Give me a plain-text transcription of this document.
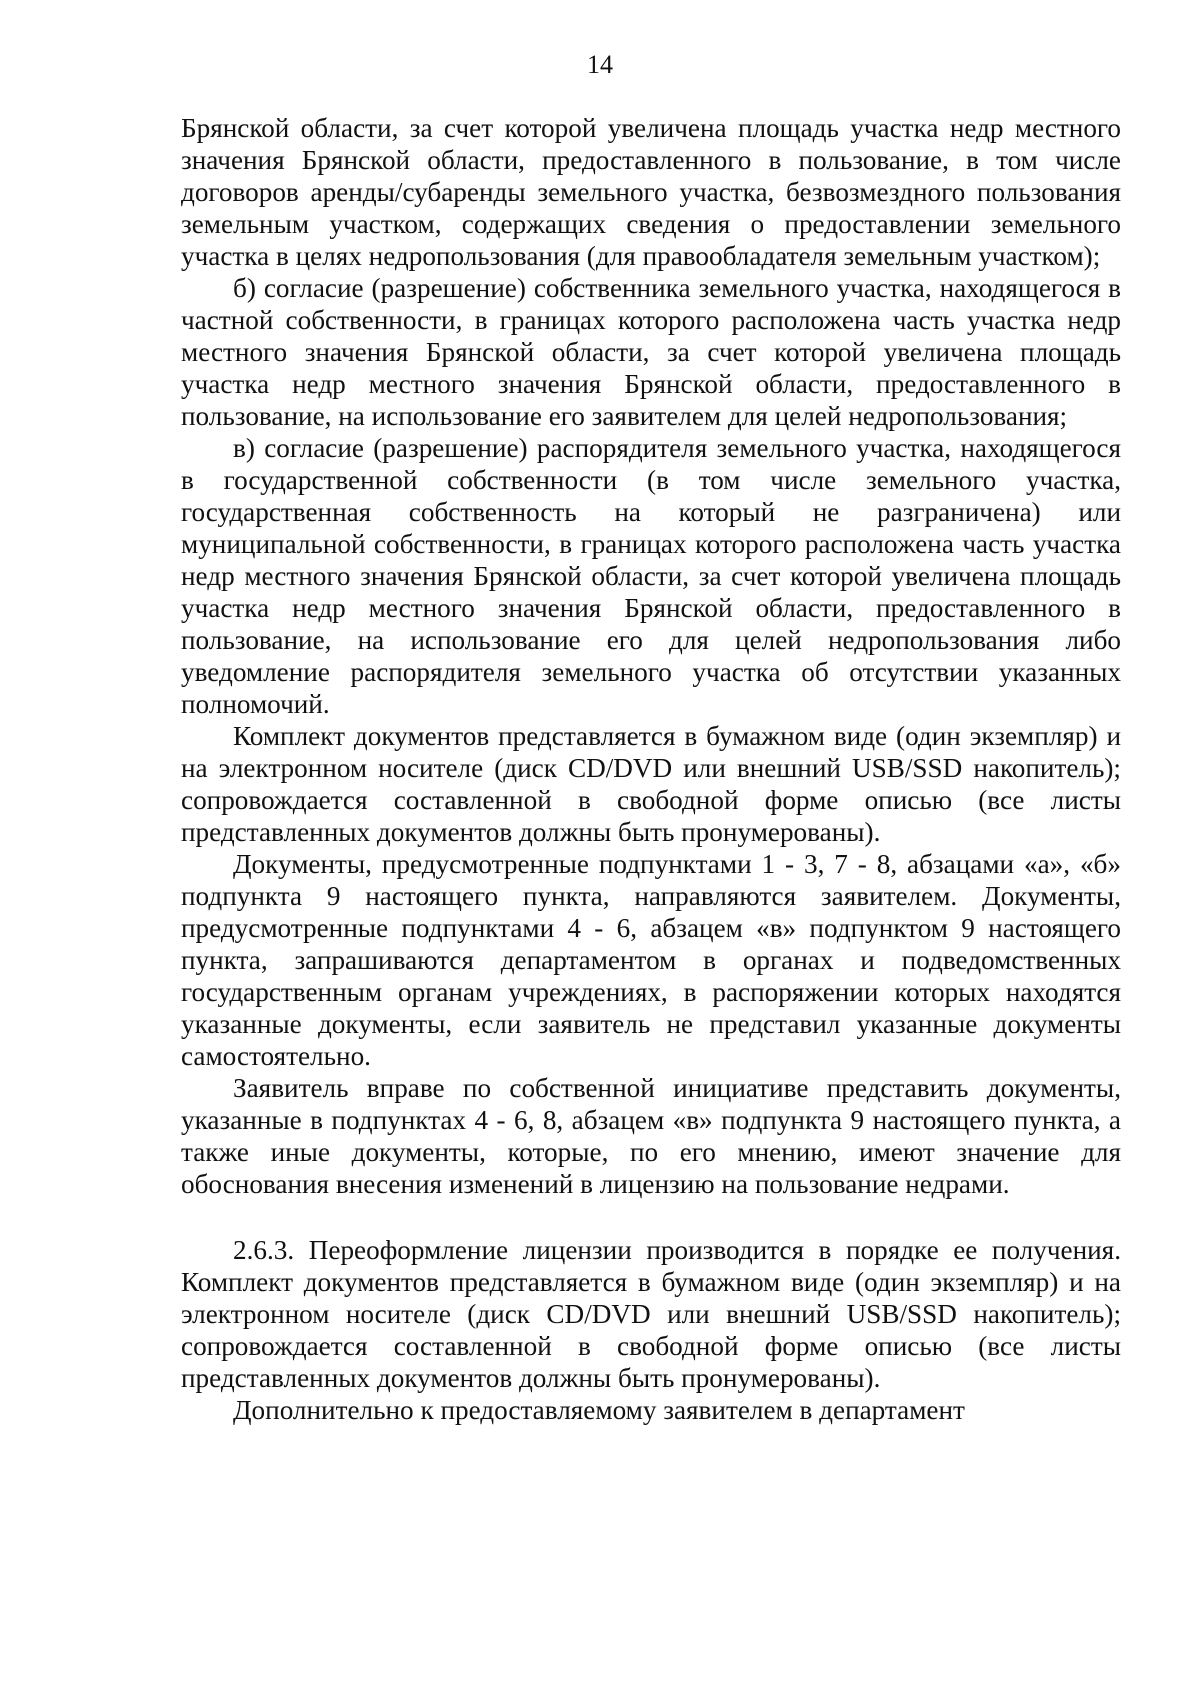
14

Брянской области, за счет которой увеличена площадь участка недр местного значения Брянской области, предоставленного в пользование, в том числе договоров аренды/субаренды земельного участка, безвозмездного пользования земельным участком, содержащих сведения о предоставлении земельного участка в целях недропользования (для правообладателя земельным участком);

б) согласие (разрешение) собственника земельного участка, находящегося в частной собственности, в границах которого расположена часть участка недр местного значения Брянской области, за счет которой увеличена площадь участка недр местного значения Брянской области, предоставленного в пользование, на использование его заявителем для целей недропользования;

в) согласие (разрешение) распорядителя земельного участка, находящегося в государственной собственности (в том числе земельного участка, государственная собственность на который не разграничена) или муниципальной собственности, в границах которого расположена часть участка недр местного значения Брянской области, за счет которой увеличена площадь участка недр местного значения Брянской области, предоставленного в пользование, на использование его для целей недропользования либо уведомление распорядителя земельного участка об отсутствии указанных полномочий.

Комплект документов представляется в бумажном виде (один экземпляр) и на электронном носителе (диск CD/DVD или внешний USB/SSD накопитель); сопровождается составленной в свободной форме описью (все листы представленных документов должны быть пронумерованы).

Документы, предусмотренные подпунктами 1 - 3, 7 - 8, абзацами «а», «б» подпункта 9 настоящего пункта, направляются заявителем. Документы, предусмотренные подпунктами 4 - 6, абзацем «в» подпунктом 9 настоящего пункта, запрашиваются департаментом в органах и подведомственных государственным органам учреждениях, в распоряжении которых находятся указанные документы, если заявитель не представил указанные документы самостоятельно.

Заявитель вправе по собственной инициативе представить документы, указанные в подпунктах 4 - 6, 8, абзацем «в» подпункта 9 настоящего пункта, а также иные документы, которые, по его мнению, имеют значение для обоснования внесения изменений в лицензию на пользование недрами.

2.6.3. Переоформление лицензии производится в порядке ее получения. Комплект документов представляется в бумажном виде (один экземпляр) и на электронном носителе (диск CD/DVD или внешний USB/SSD накопитель); сопровождается составленной в свободной форме описью (все листы представленных документов должны быть пронумерованы).

Дополнительно к предоставляемому заявителем в департамент
